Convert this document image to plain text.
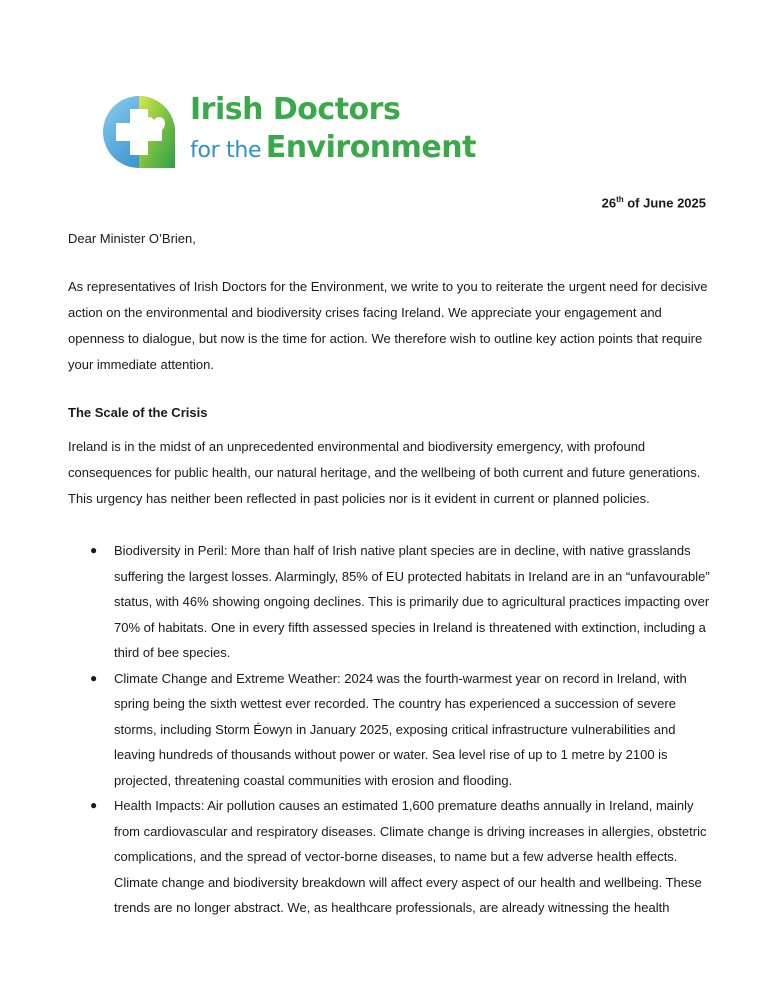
Irish Doctors
for the Environment
26th of June 2025
Dear Minister O’Brien,
As representatives of Irish Doctors for the Environment, we write to you to reiterate the urgent need for decisive action on the environmental and biodiversity crises facing Ireland. We appreciate your engagement and openness to dialogue, but now is the time for action. We therefore wish to outline key action points that require your immediate attention.
The Scale of the Crisis
Ireland is in the midst of an unprecedented environmental and biodiversity emergency, with profound consequences for public health, our natural heritage, and the wellbeing of both current and future generations. This urgency has neither been reflected in past policies nor is it evident in current or planned policies.
● Biodiversity in Peril: More than half of Irish native plant species are in decline, with native grasslands suffering the largest losses. Alarmingly, 85% of EU protected habitats in Ireland are in an “unfavourable” status, with 46% showing ongoing declines. This is primarily due to agricultural practices impacting over 70% of habitats. One in every fifth assessed species in Ireland is threatened with extinction, including a third of bee species.
● Climate Change and Extreme Weather: 2024 was the fourth-warmest year on record in Ireland, with spring being the sixth wettest ever recorded. The country has experienced a succession of severe storms, including Storm Éowyn in January 2025, exposing critical infrastructure vulnerabilities and leaving hundreds of thousands without power or water. Sea level rise of up to 1 metre by 2100 is projected, threatening coastal communities with erosion and flooding.
● Health Impacts: Air pollution causes an estimated 1,600 premature deaths annually in Ireland, mainly from cardiovascular and respiratory diseases. Climate change is driving increases in allergies, obstetric complications, and the spread of vector-borne diseases, to name but a few adverse health effects. Climate change and biodiversity breakdown will affect every aspect of our health and wellbeing. These trends are no longer abstract. We, as healthcare professionals, are already witnessing the health
